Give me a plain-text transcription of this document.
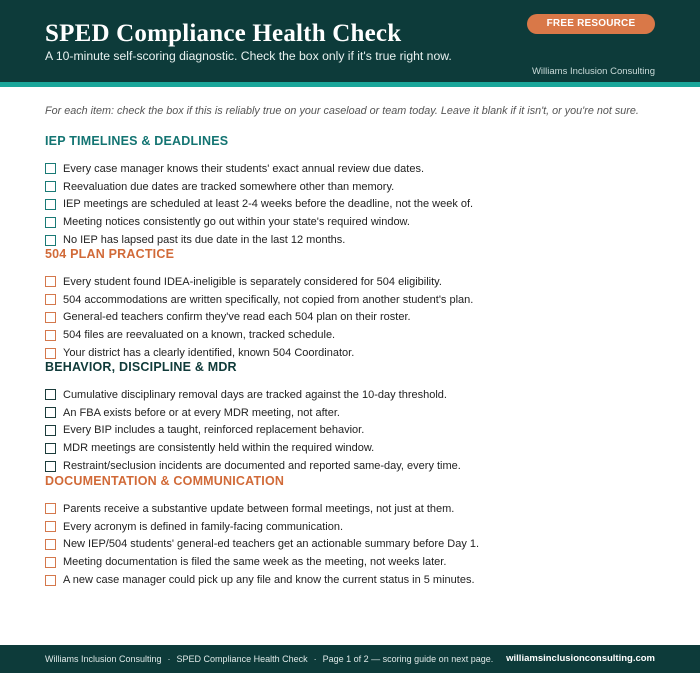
SPED Compliance Health Check
A 10-minute self-scoring diagnostic. Check the box only if it's true right now.
FREE RESOURCE
Williams Inclusion Consulting
For each item: check the box if this is reliably true on your caseload or team today. Leave it blank if it isn't, or you're not sure.
IEP TIMELINES & DEADLINES
Every case manager knows their students' exact annual review due dates.
Reevaluation due dates are tracked somewhere other than memory.
IEP meetings are scheduled at least 2-4 weeks before the deadline, not the week of.
Meeting notices consistently go out within your state's required window.
No IEP has lapsed past its due date in the last 12 months.
504 PLAN PRACTICE
Every student found IDEA-ineligible is separately considered for 504 eligibility.
504 accommodations are written specifically, not copied from another student's plan.
General-ed teachers confirm they've read each 504 plan on their roster.
504 files are reevaluated on a known, tracked schedule.
Your district has a clearly identified, known 504 Coordinator.
BEHAVIOR, DISCIPLINE & MDR
Cumulative disciplinary removal days are tracked against the 10-day threshold.
An FBA exists before or at every MDR meeting, not after.
Every BIP includes a taught, reinforced replacement behavior.
MDR meetings are consistently held within the required window.
Restraint/seclusion incidents are documented and reported same-day, every time.
DOCUMENTATION & COMMUNICATION
Parents receive a substantive update between formal meetings, not just at them.
Every acronym is defined in family-facing communication.
New IEP/504 students' general-ed teachers get an actionable summary before Day 1.
Meeting documentation is filed the same week as the meeting, not weeks later.
A new case manager could pick up any file and know the current status in 5 minutes.
Williams Inclusion Consulting · SPED Compliance Health Check · Page 1 of 2 — scoring guide on next page. williamsinclusionconsulting.com
